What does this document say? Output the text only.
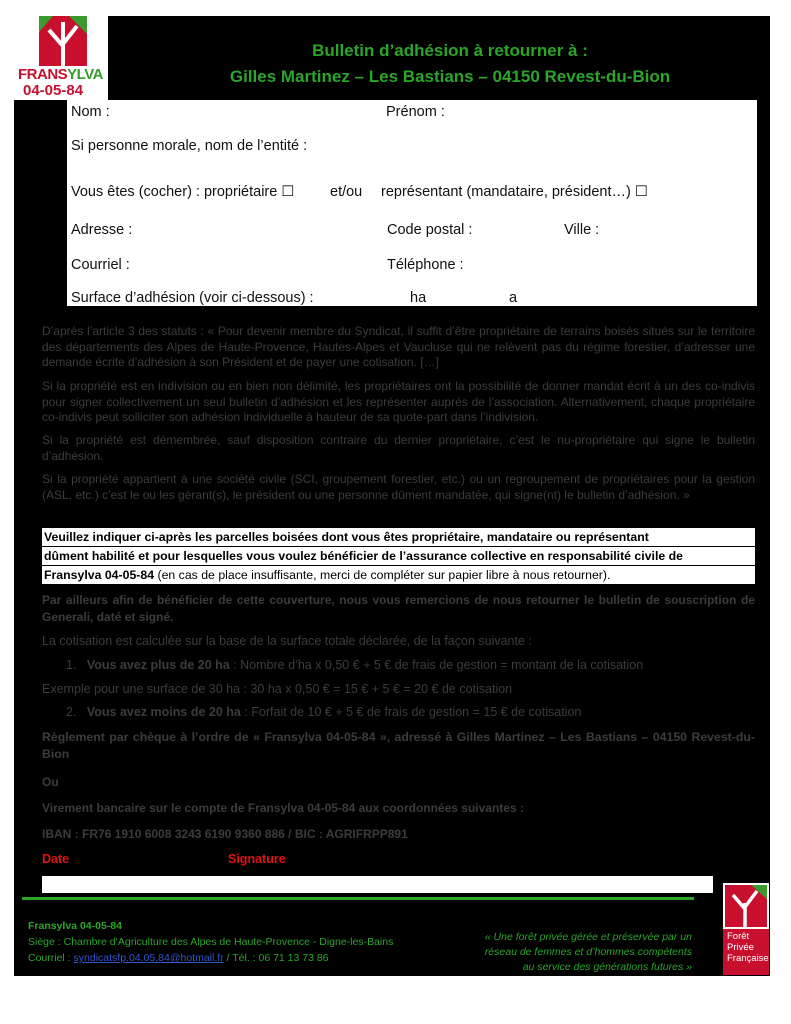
FRANSYLVA
04-05-84
Bulletin d’adhésion à retourner à :
Gilles Martinez – Les Bastians – 04150 Revest-du-Bion
Nom :	Prénom :
Si personne morale, nom de l’entité :
Vous êtes (cocher) : propriétaire ☐ et/ou représentant (mandataire, président…) ☐
Adresse :	Code postal :	Ville :
Courriel :	Téléphone :
Surface d’adhésion (voir ci-dessous) :	ha	a
D’après l’article 3 des statuts : « Pour devenir membre du Syndicat, il suffit d’être propriétaire de terrains boisés situés sur le territoire des départements des Alpes de Haute-Provence, Hautes-Alpes et Vaucluse qui ne relèvent pas du régime forestier, d’adresser une demande écrite d’adhésion à son Président et de payer une cotisation. […]
Si la propriété est en indivision ou en bien non délimité, les propriétaires ont la possibilité de donner mandat écrit à un des co-indivis pour signer collectivement un seul bulletin d’adhésion et les représenter auprès de l’association. Alternativement, chaque propriétaire co-indivis peut solliciter son adhésion individuelle à hauteur de sa quote-part dans l’indivision.
Si la propriété est démembrée, sauf disposition contraire du dernier propriétaire, c’est le nu-propriétaire qui signe le bulletin d’adhésion.
Si la propriété appartient à une société civile (SCI, groupement forestier, etc.) ou un regroupement de propriétaires pour la gestion (ASL, etc.) c’est le ou les gérant(s), le président ou une personne dûment mandatée, qui signe(nt) le bulletin d’adhésion. »
Veuillez indiquer ci-après les parcelles boisées dont vous êtes propriétaire, mandataire ou représentant
dûment habilité et pour lesquelles vous voulez bénéficier de l’assurance collective en responsabilité civile de
Fransylva 04-05-84 (en cas de place insuffisante, merci de compléter sur papier libre à nous retourner).
Par ailleurs afin de bénéficier de cette couverture, nous vous remercions de nous retourner le bulletin de souscription de Generali, daté et signé.
La cotisation est calculée sur la base de la surface totale déclarée, de la façon suivante :
1. Vous avez plus de 20 ha : Nombre d’ha x 0,50 € + 5 € de frais de gestion = montant de la cotisation
Exemple pour une surface de 30 ha : 30 ha x 0,50 € = 15 € + 5 € = 20 € de cotisation
2. Vous avez moins de 20 ha : Forfait de 10 € + 5 € de frais de gestion = 15 € de cotisation
Règlement par chèque à l’ordre de « Fransylva 04-05-84 », adressé à Gilles Martinez – Les Bastians – 04150 Revest-du-Bion
Ou
Virement bancaire sur le compte de Fransylva 04-05-84 aux coordonnées suivantes :
IBAN : FR76 1910 6008 3243 6190 9360 886 / BIC : AGRIFRPP891
Date	Signature
Fransylva 04-05-84
Siège : Chambre d’Agriculture des Alpes de Haute-Provence - Digne-les-Bains
Courriel : syndicatsfp.04.05.84@hotmail.fr / Tél. : 06 71 13 73 86
« Une forêt privée gérée et préservée par un
réseau de femmes et d’hommes compétents
au service des générations futures »
Forêt
Privée
Française
